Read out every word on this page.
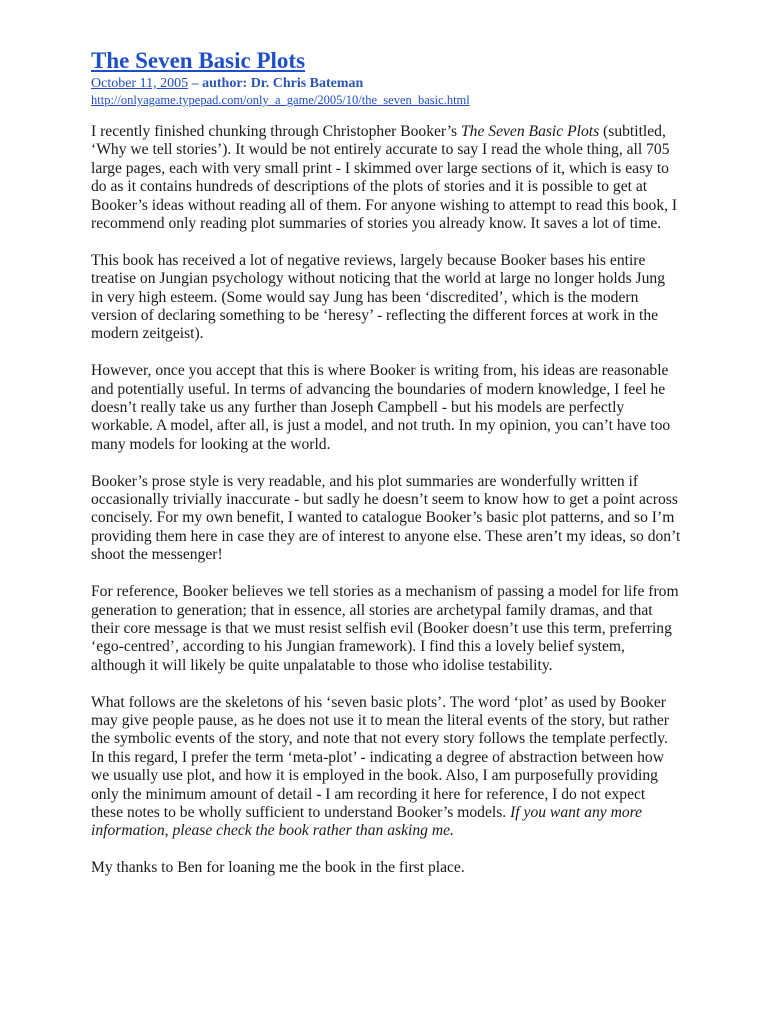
The Seven Basic Plots
October 11, 2005 – author: Dr. Chris Bateman
http://onlyagame.typepad.com/only_a_game/2005/10/the_seven_basic.html

I recently finished chunking through Christopher Booker’s The Seven Basic Plots (subtitled, ‘Why we tell stories’). It would be not entirely accurate to say I read the whole thing, all 705 large pages, each with very small print - I skimmed over large sections of it, which is easy to do as it contains hundreds of descriptions of the plots of stories and it is possible to get at Booker’s ideas without reading all of them. For anyone wishing to attempt to read this book, I recommend only reading plot summaries of stories you already know. It saves a lot of time.

This book has received a lot of negative reviews, largely because Booker bases his entire treatise on Jungian psychology without noticing that the world at large no longer holds Jung in very high esteem. (Some would say Jung has been ‘discredited’, which is the modern version of declaring something to be ‘heresy’ - reflecting the different forces at work in the modern zeitgeist).

However, once you accept that this is where Booker is writing from, his ideas are reasonable and potentially useful. In terms of advancing the boundaries of modern knowledge, I feel he doesn’t really take us any further than Joseph Campbell - but his models are perfectly workable. A model, after all, is just a model, and not truth. In my opinion, you can’t have too many models for looking at the world.

Booker’s prose style is very readable, and his plot summaries are wonderfully written if occasionally trivially inaccurate - but sadly he doesn’t seem to know how to get a point across concisely. For my own benefit, I wanted to catalogue Booker’s basic plot patterns, and so I’m providing them here in case they are of interest to anyone else. These aren’t my ideas, so don’t shoot the messenger!

For reference, Booker believes we tell stories as a mechanism of passing a model for life from generation to generation; that in essence, all stories are archetypal family dramas, and that their core message is that we must resist selfish evil (Booker doesn’t use this term, preferring ‘ego-centred’, according to his Jungian framework). I find this a lovely belief system, although it will likely be quite unpalatable to those who idolise testability.

What follows are the skeletons of his ‘seven basic plots’. The word ‘plot’ as used by Booker may give people pause, as he does not use it to mean the literal events of the story, but rather the symbolic events of the story, and note that not every story follows the template perfectly. In this regard, I prefer the term ‘meta-plot’ - indicating a degree of abstraction between how we usually use plot, and how it is employed in the book. Also, I am purposefully providing only the minimum amount of detail - I am recording it here for reference, I do not expect these notes to be wholly sufficient to understand Booker’s models. If you want any more information, please check the book rather than asking me.

My thanks to Ben for loaning me the book in the first place.
